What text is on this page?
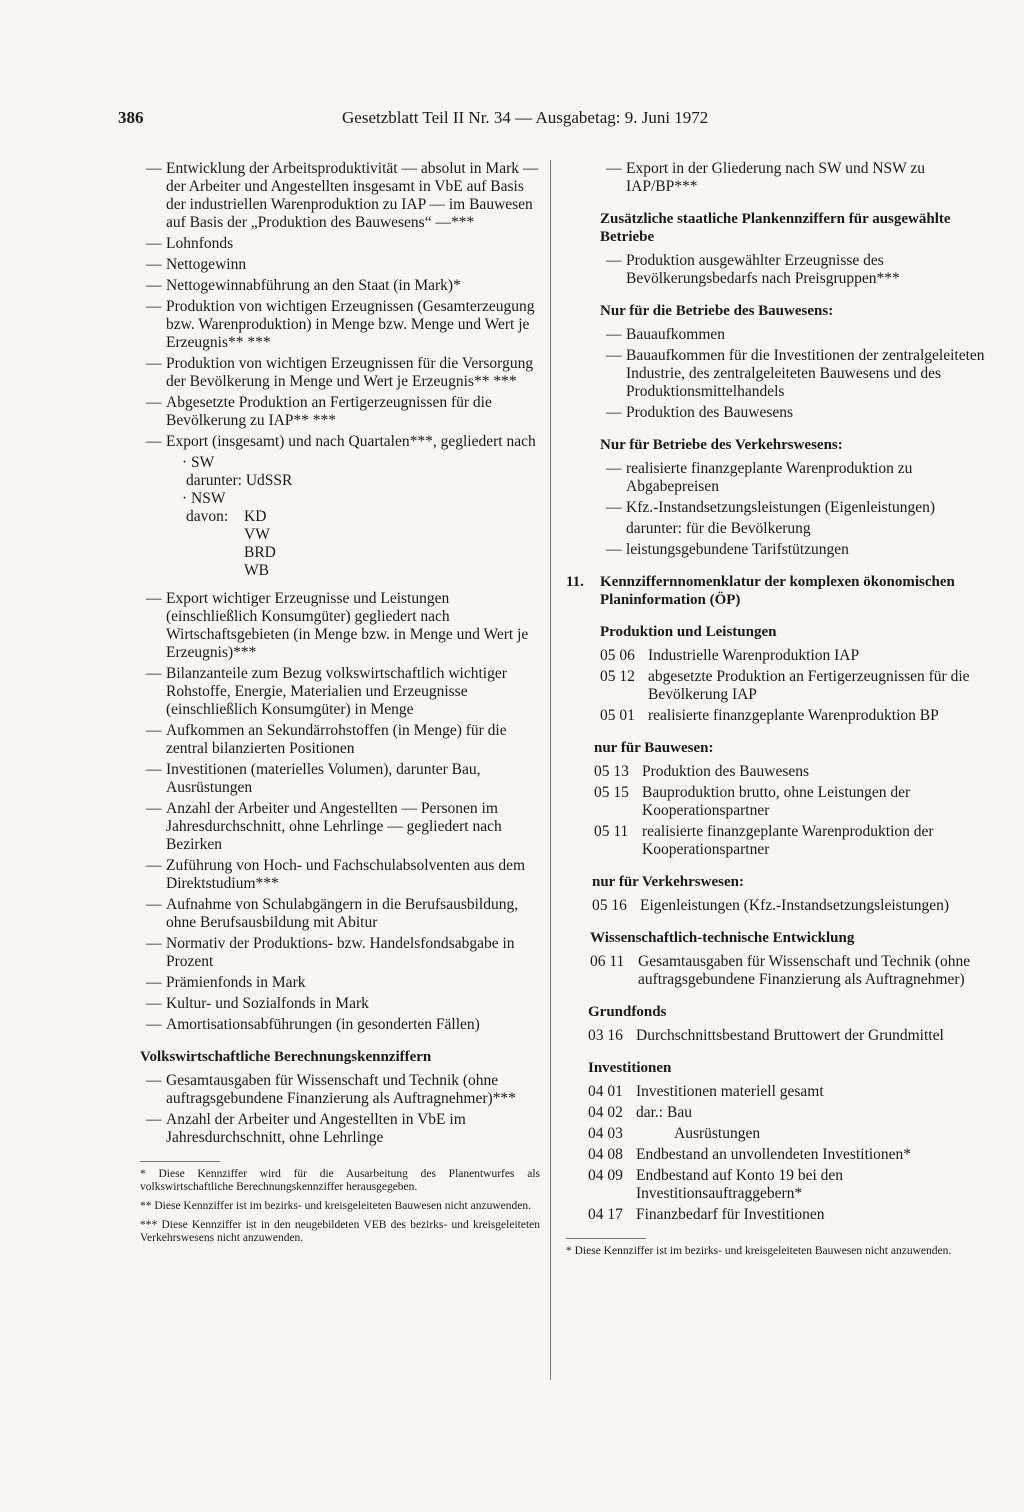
386	Gesetzblatt Teil II Nr. 34 — Ausgabetag: 9. Juni 1972
— Entwicklung der Arbeitsproduktivität — absolut in Mark — der Arbeiter und Angestellten insgesamt in VbE auf Basis der industriellen Warenproduktion zu IAP — im Bauwesen auf Basis der „Produktion des Bauwesens“ —***
— Lohnfonds
— Nettogewinn
— Nettogewinnabführung an den Staat (in Mark)*
— Produktion von wichtigen Erzeugnissen (Gesamterzeugung bzw. Warenproduktion) in Menge bzw. Menge und Wert je Erzeugnis** ***
— Produktion von wichtigen Erzeugnissen für die Versorgung der Bevölkerung in Menge und Wert je Erzeugnis** ***
— Abgesetzte Produktion an Fertigerzeugnissen für die Bevölkerung zu IAP** ***
— Export (insgesamt) und nach Quartalen***, gegliedert nach
· SW
darunter: UdSSR
· NSW
davon:	KD
VW
BRD
WB
— Export wichtiger Erzeugnisse und Leistungen (einschließlich Konsumgüter) gegliedert nach Wirtschaftsgebieten (in Menge bzw. in Menge und Wert je Erzeugnis)***
— Bilanzanteile zum Bezug volkswirtschaftlich wichtiger Rohstoffe, Energie, Materialien und Erzeugnisse (einschließlich Konsumgüter) in Menge
— Aufkommen an Sekundärrohstoffen (in Menge) für die zentral bilanzierten Positionen
— Investitionen (materielles Volumen), darunter Bau, Ausrüstungen
— Anzahl der Arbeiter und Angestellten — Personen im Jahresdurchschnitt, ohne Lehrlinge — gegliedert nach Bezirken
— Zuführung von Hoch- und Fachschulabsolventen aus dem Direktstudium***
— Aufnahme von Schulabgängern in die Berufsausbildung, ohne Berufsausbildung mit Abitur
— Normativ der Produktions- bzw. Handelsfondsabgabe in Prozent
— Prämienfonds in Mark
— Kultur- und Sozialfonds in Mark
— Amortisationsabführungen (in gesonderten Fällen)
Volkswirtschaftliche Berechnungskennziffern
— Gesamtausgaben für Wissenschaft und Technik (ohne auftragsgebundene Finanzierung als Auftragnehmer)***
— Anzahl der Arbeiter und Angestellten in VbE im Jahresdurchschnitt, ohne Lehrlinge
* Diese Kennziffer wird für die Ausarbeitung des Planentwurfes als volkswirtschaftliche Berechnungskennziffer herausgegeben.
** Diese Kennziffer ist im bezirks- und kreisgeleiteten Bauwesen nicht anzuwenden.
*** Diese Kennziffer ist in den neugebildeten VEB des bezirks- und kreisgeleiteten Verkehrswesens nicht anzuwenden.
— Export in der Gliederung nach SW und NSW zu IAP/BP***
Zusätzliche staatliche Plankennziffern für ausgewählte Betriebe
— Produktion ausgewählter Erzeugnisse des Bevölkerungsbedarfs nach Preisgruppen***
Nur für die Betriebe des Bauwesens:
— Bauaufkommen
— Bauaufkommen für die Investitionen der zentralgeleiteten Industrie, des zentralgeleiteten Bauwesens und des Produktionsmittelhandels
— Produktion des Bauwesens
Nur für Betriebe des Verkehrswesens:
— realisierte finanzgeplante Warenproduktion zu Abgabepreisen
— Kfz.-Instandsetzungsleistungen (Eigenleistungen)
darunter: für die Bevölkerung
— leistungsgebundene Tarifstützungen
11. Kennziffernnomenklatur der komplexen ökonomischen Planinformation (ÖP)
Produktion und Leistungen
05 06 Industrielle Warenproduktion IAP
05 12 abgesetzte Produktion an Fertigerzeugnissen für die Bevölkerung IAP
05 01 realisierte finanzgeplante Warenproduktion BP
nur für Bauwesen:
05 13 Produktion des Bauwesens
05 15 Bauproduktion brutto, ohne Leistungen der Kooperationspartner
05 11 realisierte finanzgeplante Warenproduktion der Kooperationspartner
nur für Verkehrswesen:
05 16 Eigenleistungen (Kfz.-Instandsetzungsleistungen)
Wissenschaftlich-technische Entwicklung
06 11 Gesamtausgaben für Wissenschaft und Technik (ohne auftragsgebundene Finanzierung als Auftragnehmer)
Grundfonds
03 16 Durchschnittsbestand Bruttowert der Grundmittel
Investitionen
04 01 Investitionen materiell gesamt
04 02 dar.: Bau
04 03	Ausrüstungen
04 08 Endbestand an unvollendeten Investitionen*
04 09 Endbestand auf Konto 19 bei den Investitionsauftraggebern*
04 17 Finanzbedarf für Investitionen
* Diese Kennziffer ist im bezirks- und kreisgeleiteten Bauwesen nicht anzuwenden.
